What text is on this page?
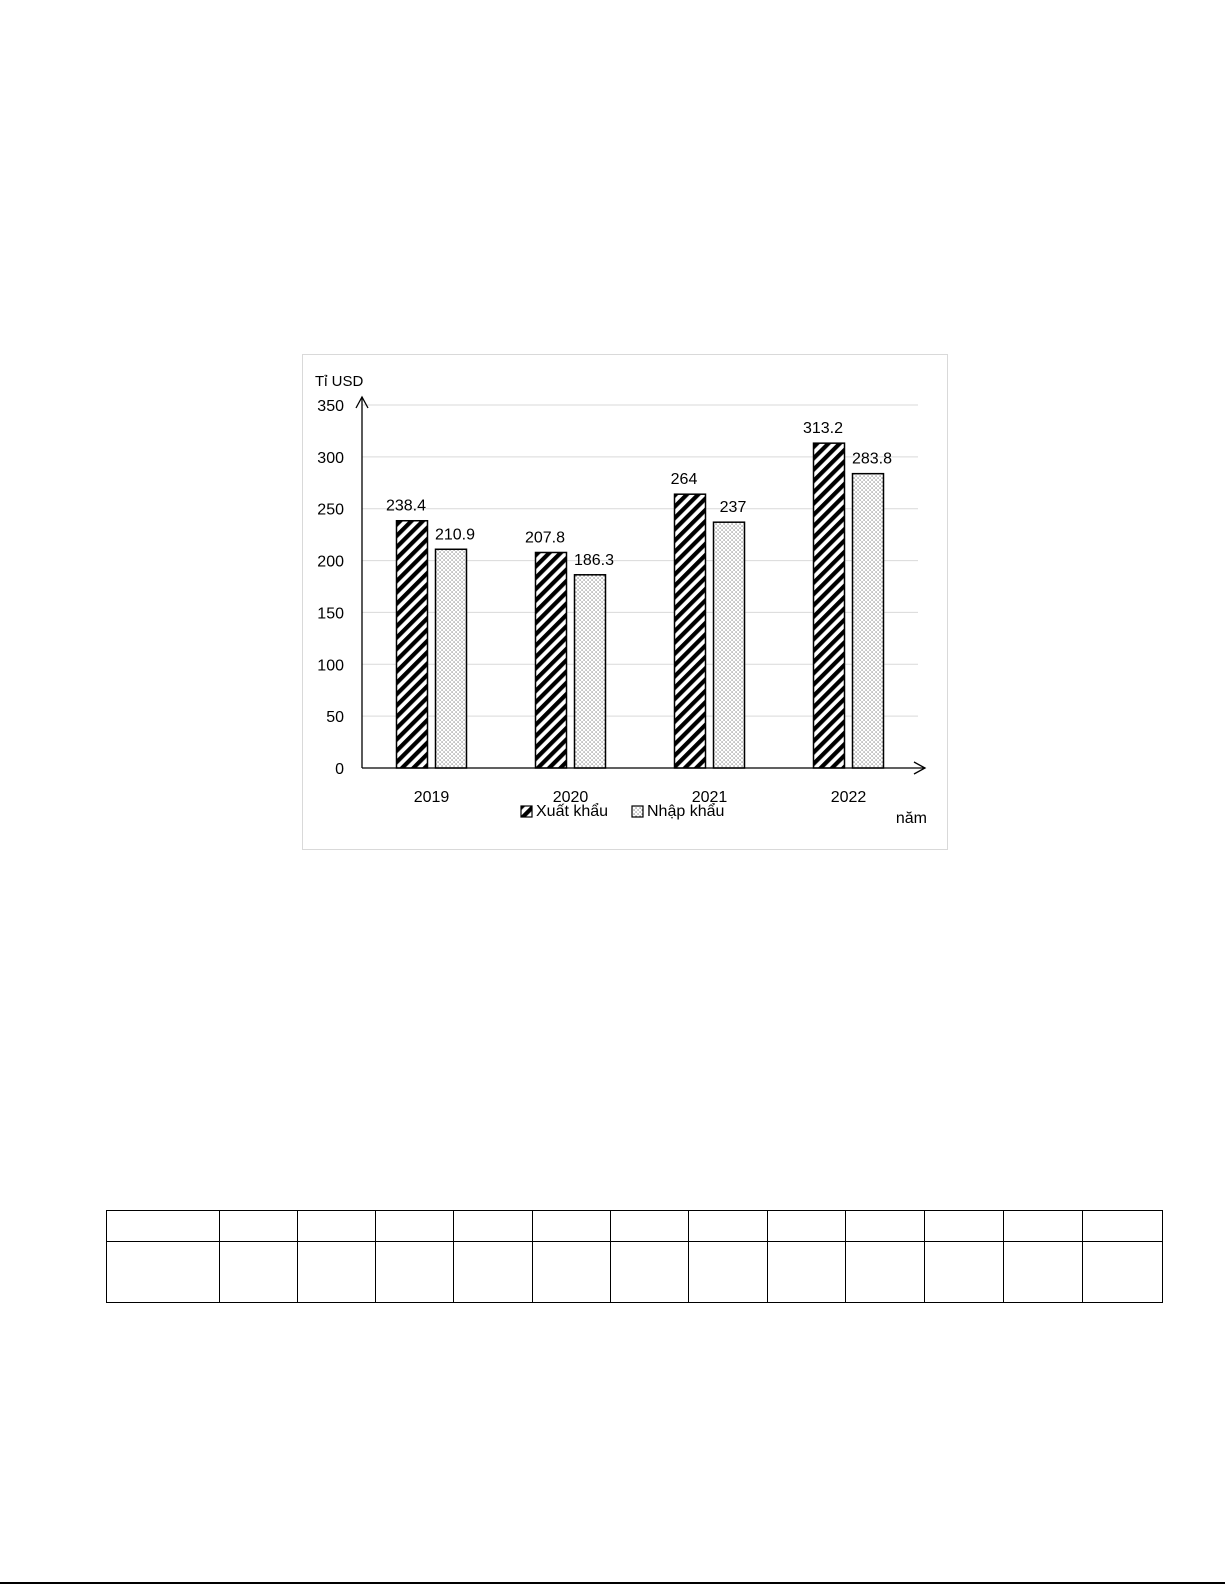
0
50
100
150
200
250
300
350
Tỉ USD
năm
2019	2020	2021	2022
238.4
210.9	207.8
186.3
264
237
313.2
283.8
Xuất khẩu Nhập khẩu
